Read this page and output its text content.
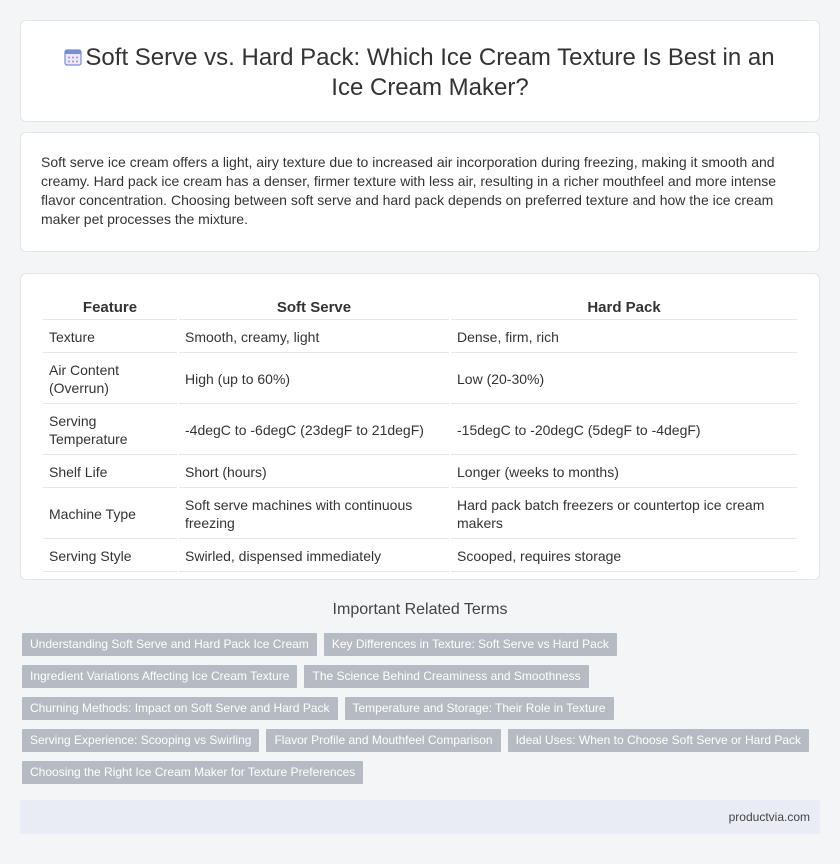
Soft Serve vs. Hard Pack: Which Ice Cream Texture Is Best in an Ice Cream Maker?

Soft serve ice cream offers a light, airy texture due to increased air incorporation during freezing, making it smooth and creamy. Hard pack ice cream has a denser, firmer texture with less air, resulting in a richer mouthfeel and more intense flavor concentration. Choosing between soft serve and hard pack depends on preferred texture and how the ice cream maker pet processes the mixture.

Feature	Soft Serve	Hard Pack
Texture	Smooth, creamy, light	Dense, firm, rich
Air Content (Overrun)	High (up to 60%)	Low (20-30%)
Serving Temperature	-4degC to -6degC (23degF to 21degF)	-15degC to -20degC (5degF to -4degF)
Shelf Life	Short (hours)	Longer (weeks to months)
Machine Type	Soft serve machines with continuous freezing	Hard pack batch freezers or countertop ice cream makers
Serving Style	Swirled, dispensed immediately	Scooped, requires storage
Important Related Terms
Understanding Soft Serve and Hard Pack Ice Cream	Key Differences in Texture: Soft Serve vs Hard Pack
Ingredient Variations Affecting Ice Cream Texture	The Science Behind Creaminess and Smoothness
Churning Methods: Impact on Soft Serve and Hard Pack	Temperature and Storage: Their Role in Texture
Serving Experience: Scooping vs Swirling	Flavor Profile and Mouthfeel Comparison	Ideal Uses: When to Choose Soft Serve or Hard Pack
Choosing the Right Ice Cream Maker for Texture Preferences
productvia.com
